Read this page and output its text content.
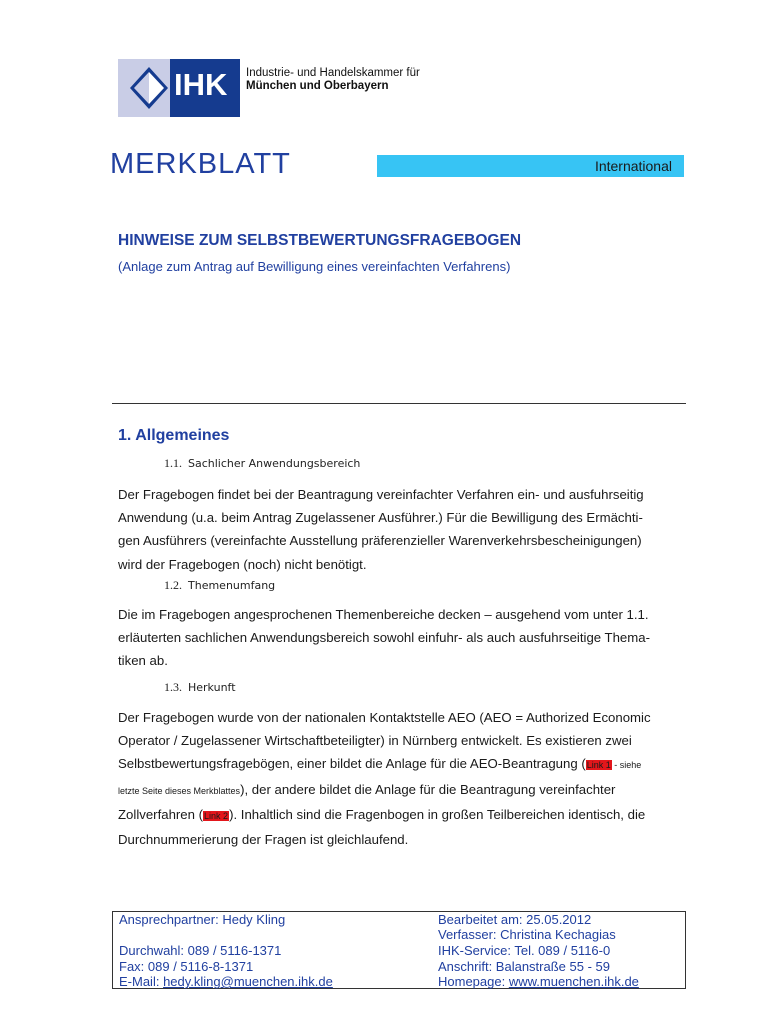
IHK	Industrie- und Handelskammer für
München und Oberbayern
MERKBLATT	International
HINWEISE ZUM SELBSTBEWERTUNGSFRAGEBOGEN
(Anlage zum Antrag auf Bewilligung eines vereinfachten Verfahrens)
1. Allgemeines
1.1. Sachlicher Anwendungsbereich
Der Fragebogen findet bei der Beantragung vereinfachter Verfahren ein- und ausfuhrseitig
Anwendung (u.a. beim Antrag Zugelassener Ausführer.) Für die Bewilligung des Ermächti-
gen Ausführers (vereinfachte Ausstellung präferenzieller Warenverkehrsbescheinigungen)
wird der Fragebogen (noch) nicht benötigt.
1.2. Themenumfang
Die im Fragebogen angesprochenen Themenbereiche decken – ausgehend vom unter 1.1.
erläuterten sachlichen Anwendungsbereich sowohl einfuhr- als auch ausfuhrseitige Thema-
tiken ab.
1.3. Herkunft
Der Fragebogen wurde von der nationalen Kontaktstelle AEO (AEO = Authorized Economic
Operator / Zugelassener Wirtschaftbeteiligter) in Nürnberg entwickelt. Es existieren zwei
Selbstbewertungsfragebögen, einer bildet die Anlage für die AEO-Beantragung (Link 1 - siehe
letzte Seite dieses Merkblattes), der andere bildet die Anlage für die Beantragung vereinfachter
Zollverfahren (Link 2). Inhaltlich sind die Fragenbogen in großen Teilbereichen identisch, die
Durchnummerierung der Fragen ist gleichlaufend.
Ansprechpartner: Hedy Kling
Durchwahl: 089 / 5116-1371
Fax: 089 / 5116-8-1371
E-Mail: hedy.kling@muenchen.ihk.de
Bearbeitet am: 25.05.2012
Verfasser: Christina Kechagias
IHK-Service: Tel. 089 / 5116-0
Anschrift: Balanstraße 55 - 59
Homepage: www.muenchen.ihk.de
